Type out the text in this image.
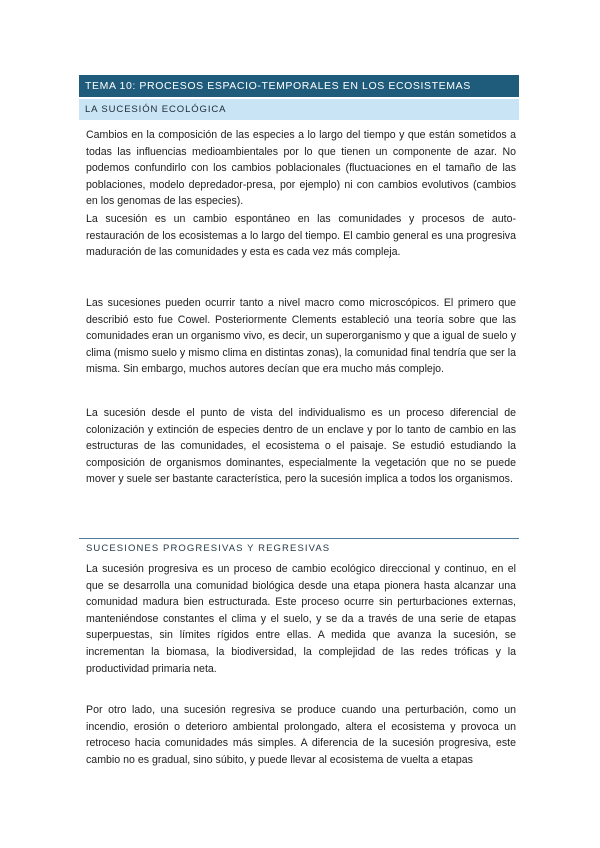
TEMA 10: PROCESOS ESPACIO-TEMPORALES EN LOS ECOSISTEMAS
LA SUCESIÓN ECOLÓGICA

Cambios en la composición de las especies a lo largo del tiempo y que están sometidos a todas las influencias medioambientales por lo que tienen un componente de azar. No podemos confundirlo con los cambios poblacionales (fluctuaciones en el tamaño de las poblaciones, modelo depredador-presa, por ejemplo) ni con cambios evolutivos (cambios en los genomas de las especies).

La sucesión es un cambio espontáneo en las comunidades y procesos de auto-restauración de los ecosistemas a lo largo del tiempo. El cambio general es una progresiva maduración de las comunidades y esta es cada vez más compleja.

Las sucesiones pueden ocurrir tanto a nivel macro como microscópicos. El primero que describió esto fue Cowel. Posteriormente Clements estableció una teoría sobre que las comunidades eran un organismo vivo, es decir, un superorganismo y que a igual de suelo y clima (mismo suelo y mismo clima en distintas zonas), la comunidad final tendría que ser la misma. Sin embargo, muchos autores decían que era mucho más complejo.

La sucesión desde el punto de vista del individualismo es un proceso diferencial de colonización y extinción de especies dentro de un enclave y por lo tanto de cambio en las estructuras de las comunidades, el ecosistema o el paisaje. Se estudió estudiando la composición de organismos dominantes, especialmente la vegetación que no se puede mover y suele ser bastante característica, pero la sucesión implica a todos los organismos.

SUCESIONES PROGRESIVAS Y REGRESIVAS

La sucesión progresiva es un proceso de cambio ecológico direccional y continuo, en el que se desarrolla una comunidad biológica desde una etapa pionera hasta alcanzar una comunidad madura bien estructurada. Este proceso ocurre sin perturbaciones externas, manteniéndose constantes el clima y el suelo, y se da a través de una serie de etapas superpuestas, sin límites rígidos entre ellas. A medida que avanza la sucesión, se incrementan la biomasa, la biodiversidad, la complejidad de las redes tróficas y la productividad primaria neta.

Por otro lado, una sucesión regresiva se produce cuando una perturbación, como un incendio, erosión o deterioro ambiental prolongado, altera el ecosistema y provoca un retroceso hacia comunidades más simples. A diferencia de la sucesión progresiva, este cambio no es gradual, sino súbito, y puede llevar al ecosistema de vuelta a etapas
